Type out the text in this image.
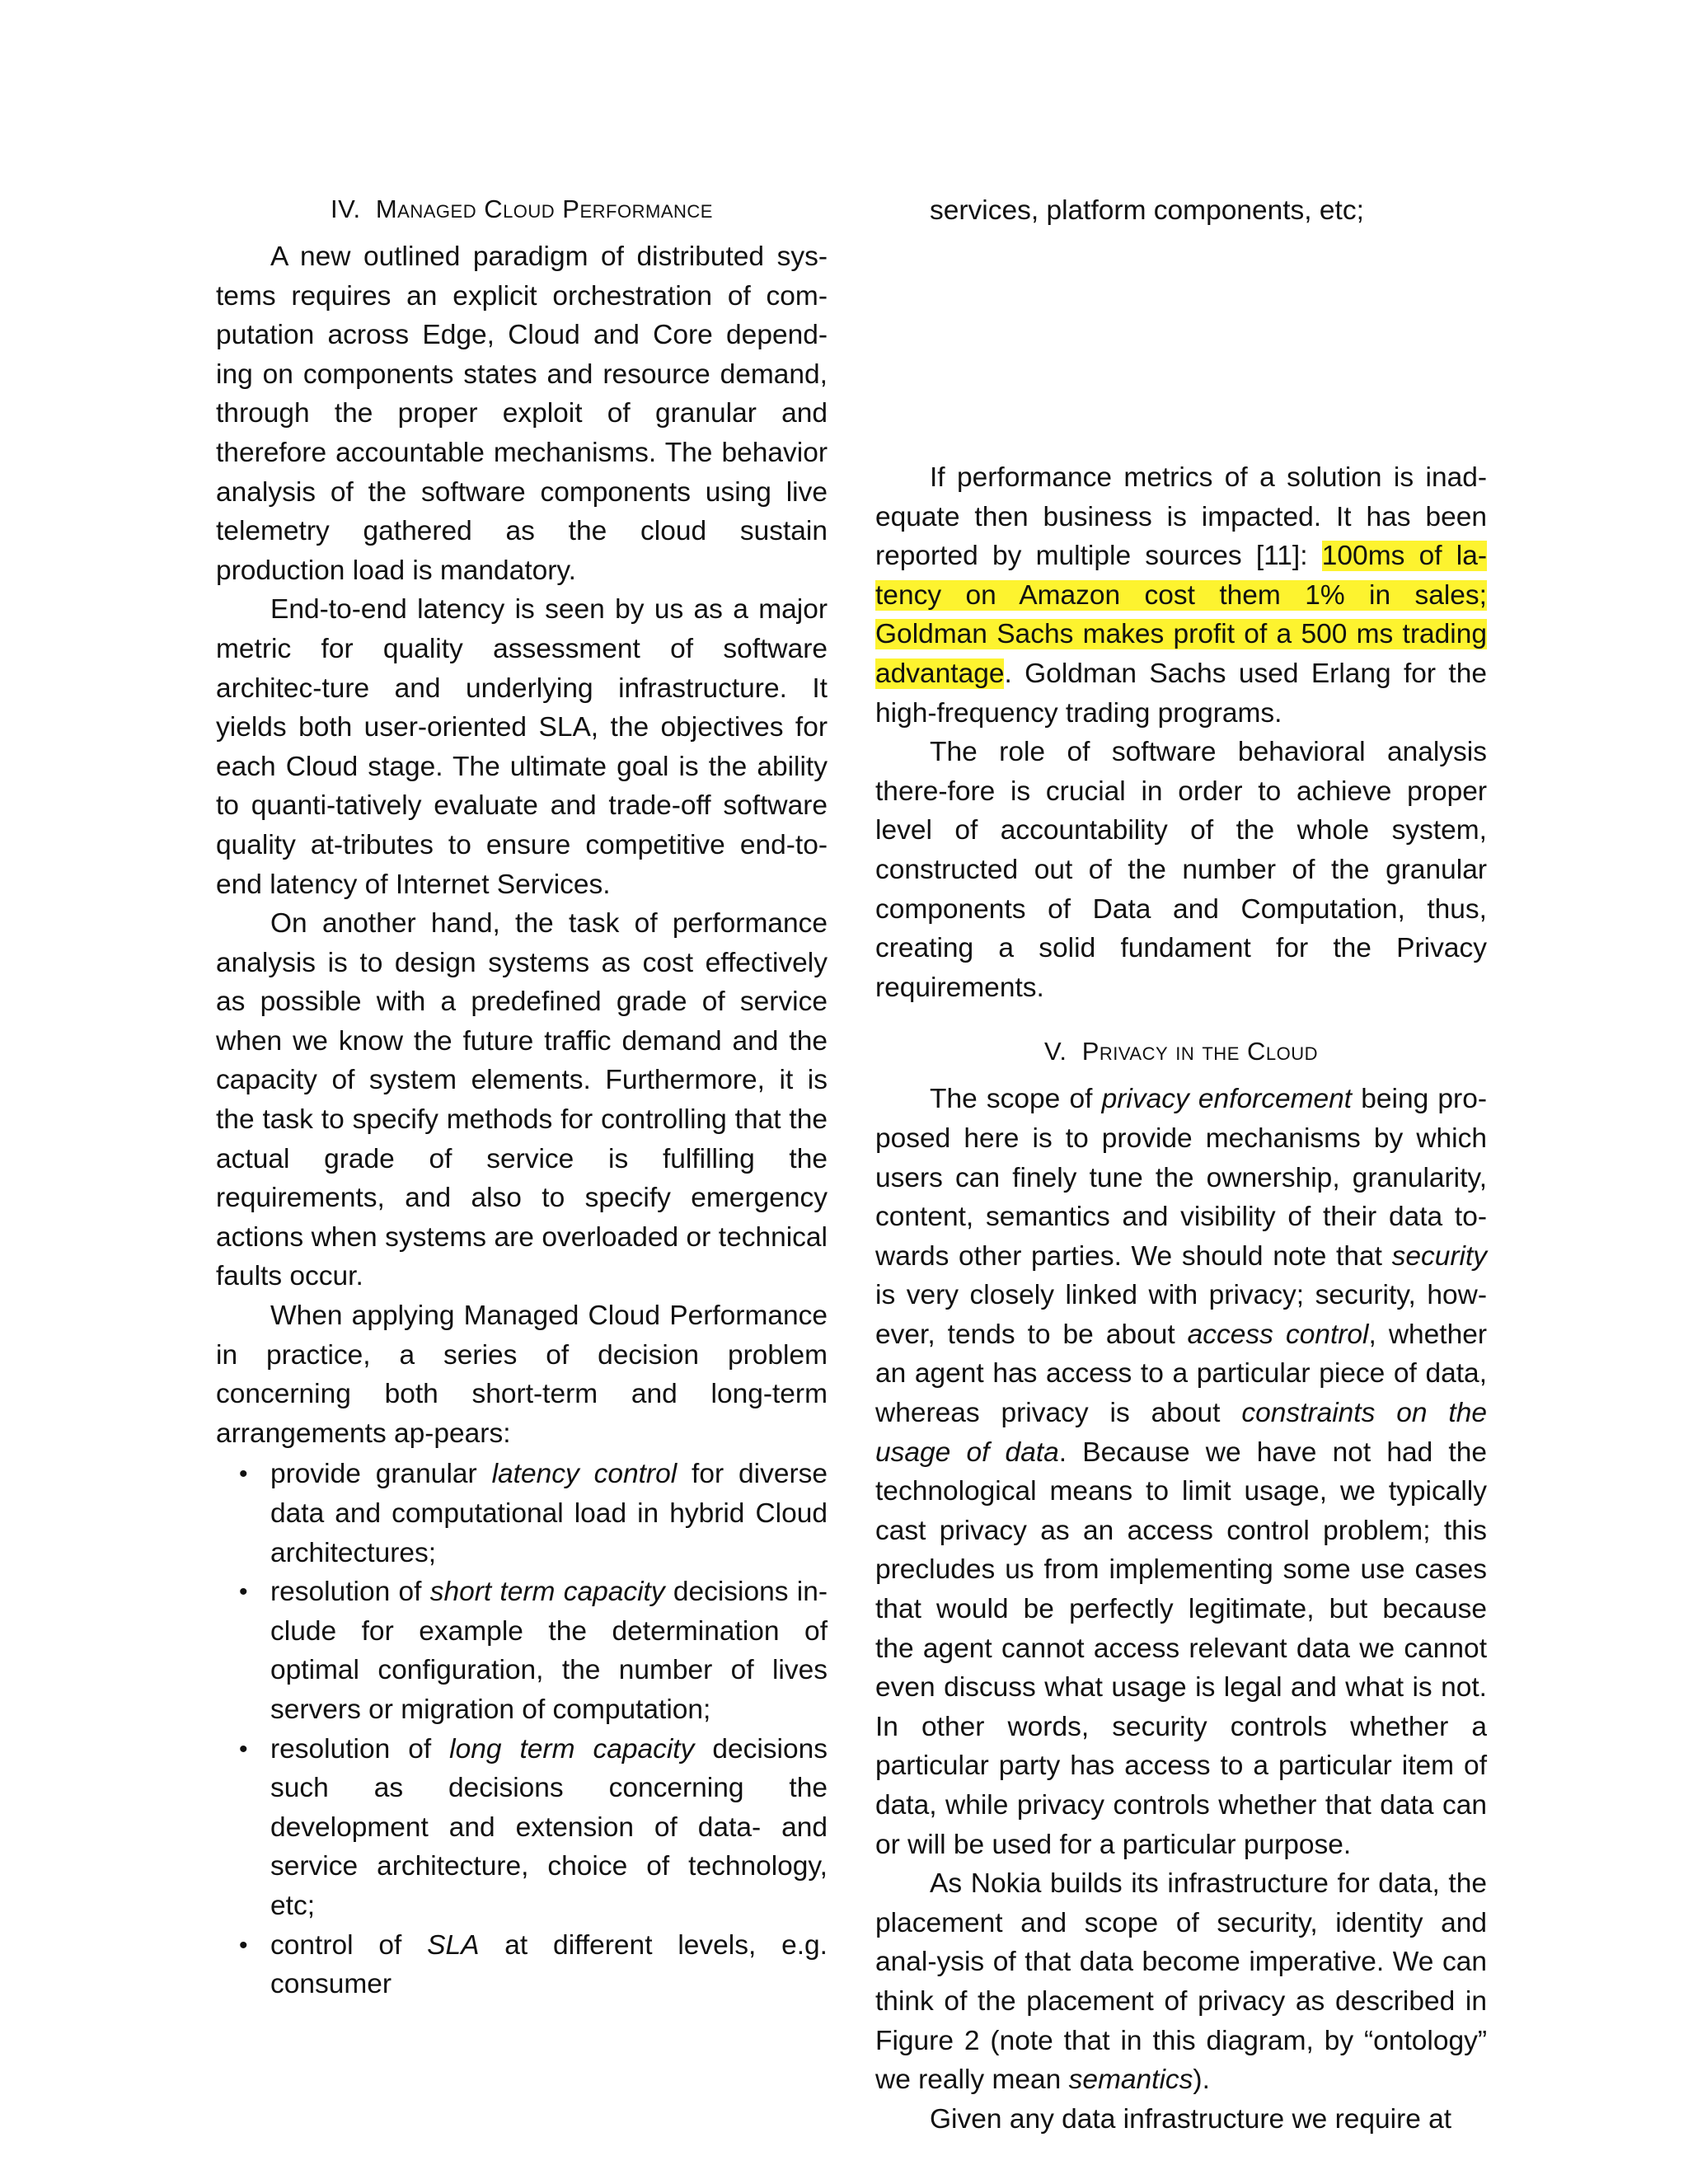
IV. Managed Cloud Performance

A new outlined paradigm of distributed sys-tems requires an explicit orchestration of com-putation across Edge, Cloud and Core depend-ing on components states and resource demand, through the proper exploit of granular and therefore accountable mechanisms. The behavior analysis of the software components using live telemetry gathered as the cloud sustain production load is mandatory.

End-to-end latency is seen by us as a major metric for quality assessment of software architec-ture and underlying infrastructure. It yields both user-oriented SLA, the objectives for each Cloud stage. The ultimate goal is the ability to quanti-tatively evaluate and trade-off software quality at-tributes to ensure competitive end-to-end latency of Internet Services.

On another hand, the task of performance analysis is to design systems as cost effectively as possible with a predefined grade of service when we know the future traffic demand and the capacity of system elements. Furthermore, it is the task to specify methods for controlling that the actual grade of service is fulfilling the requirements, and also to specify emergency actions when systems are overloaded or technical faults occur.

When applying Managed Cloud Performance in practice, a series of decision problem concerning both short-term and long-term arrangements ap-pears:

• provide granular latency control for diverse data and computational load in hybrid Cloud architectures;
• resolution of short term capacity decisions in-clude for example the determination of optimal configuration, the number of lives servers or migration of computation;
• resolution of long term capacity decisions such as decisions concerning the development and extension of data- and service architecture, choice of technology, etc;
• control of SLA at different levels, e.g. consumer

If performance metrics of a solution is inad-equate then business is impacted. It has been reported by multiple sources [11]: 100ms of la-tency on Amazon cost them 1% in sales; Goldman Sachs makes profit of a 500 ms trading advantage. Goldman Sachs used Erlang for the high-frequency trading programs.

The role of software behavioral analysis there-fore is crucial in order to achieve proper level of accountability of the whole system, constructed out of the number of the granular components of Data and Computation, thus, creating a solid fundament for the Privacy requirements.

V. Privacy in the Cloud

The scope of privacy enforcement being pro-posed here is to provide mechanisms by which users can finely tune the ownership, granularity, content, semantics and visibility of their data to-wards other parties. We should note that security is very closely linked with privacy; security, how-ever, tends to be about access control, whether an agent has access to a particular piece of data, whereas privacy is about constraints on the usage of data. Because we have not had the technological means to limit usage, we typically cast privacy as an access control problem; this precludes us from implementing some use cases that would be perfectly legitimate, but because the agent cannot access relevant data we cannot even discuss what usage is legal and what is not. In other words, security controls whether a particular party has access to a particular item of data, while privacy controls whether that data can or will be used for a particular purpose.

As Nokia builds its infrastructure for data, the placement and scope of security, identity and anal-ysis of that data become imperative. We can think of the placement of privacy as described in Figure 2 (note that in this diagram, by “ontology” we really mean semantics).

Given any data infrastructure we require at

services, platform components, etc;
